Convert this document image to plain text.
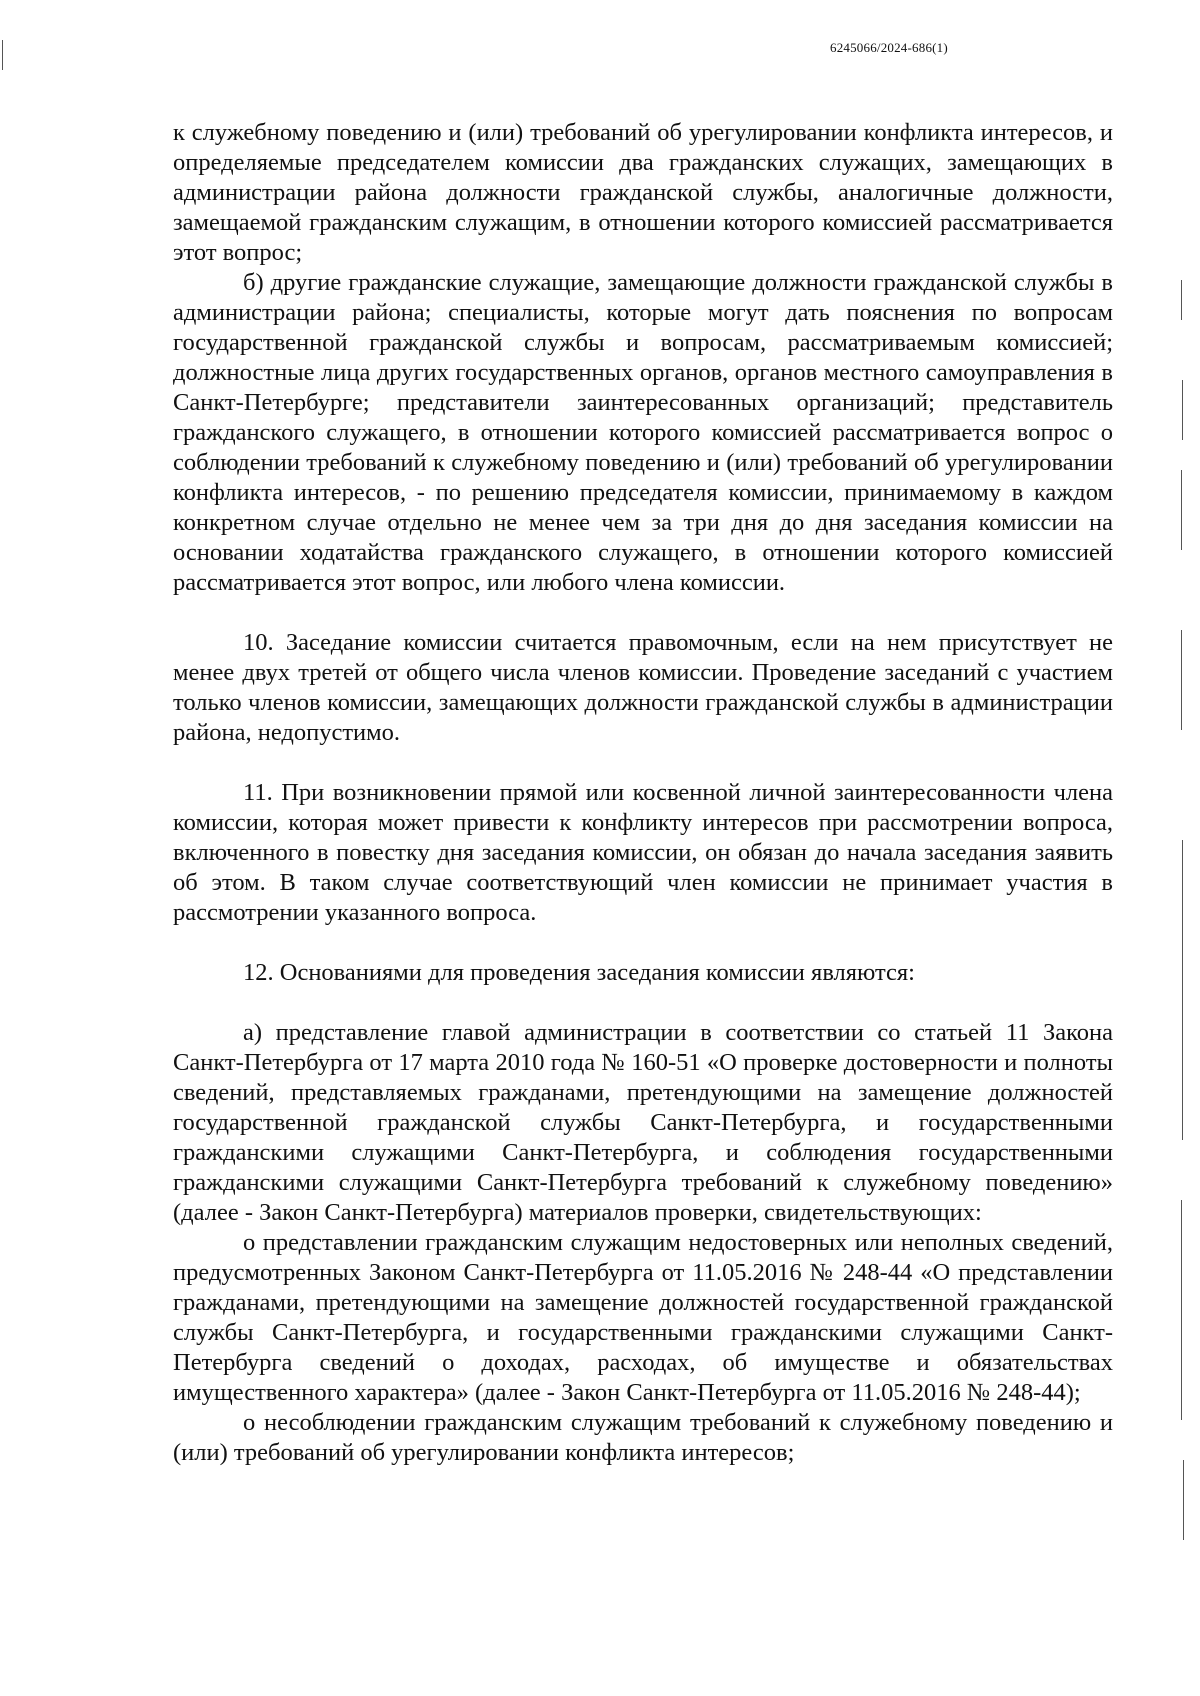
6245066/2024-686(1)

к служебному поведению и (или) требований об урегулировании конфликта интересов, и определяемые председателем комиссии два гражданских служащих, замещающих в администрации района должности гражданской службы, аналогичные должности, замещаемой гражданским служащим, в отношении которого комиссией рассматривается этот вопрос;

б) другие гражданские служащие, замещающие должности гражданской службы в администрации района; специалисты, которые могут дать пояснения по вопросам государственной гражданской службы и вопросам, рассматриваемым комиссией; должностные лица других государственных органов, органов местного самоуправления в Санкт-Петербурге; представители заинтересованных организаций; представитель гражданского служащего, в отношении которого комиссией рассматривается вопрос о соблюдении требований к служебному поведению и (или) требований об урегулировании конфликта интересов, - по решению председателя комиссии, принимаемому в каждом конкретном случае отдельно не менее чем за три дня до дня заседания комиссии на основании ходатайства гражданского служащего, в отношении которого комиссией рассматривается этот вопрос, или любого члена комиссии.

10. Заседание комиссии считается правомочным, если на нем присутствует не менее двух третей от общего числа членов комиссии. Проведение заседаний с участием только членов комиссии, замещающих должности гражданской службы в администрации района, недопустимо.

11. При возникновении прямой или косвенной личной заинтересованности члена комиссии, которая может привести к конфликту интересов при рассмотрении вопроса, включенного в повестку дня заседания комиссии, он обязан до начала заседания заявить об этом. В таком случае соответствующий член комиссии не принимает участия в рассмотрении указанного вопроса.

12. Основаниями для проведения заседания комиссии являются:

а) представление главой администрации в соответствии со статьей 11 Закона Санкт-Петербурга от 17 марта 2010 года № 160-51 «О проверке достоверности и полноты сведений, представляемых гражданами, претендующими на замещение должностей государственной гражданской службы Санкт-Петербурга, и государственными гражданскими служащими Санкт-Петербурга, и соблюдения государственными гражданскими служащими Санкт-Петербурга требований к служебному поведению» (далее - Закон Санкт-Петербурга) материалов проверки, свидетельствующих:

о представлении гражданским служащим недостоверных или неполных сведений, предусмотренных Законом Санкт-Петербурга от 11.05.2016 № 248-44 «О представлении гражданами, претендующими на замещение должностей государственной гражданской службы Санкт-Петербурга, и государственными гражданскими служащими Санкт-Петербурга сведений о доходах, расходах, об имуществе и обязательствах имущественного характера» (далее - Закон Санкт-Петербурга от 11.05.2016 № 248-44);

о несоблюдении гражданским служащим требований к служебному поведению и (или) требований об урегулировании конфликта интересов;
